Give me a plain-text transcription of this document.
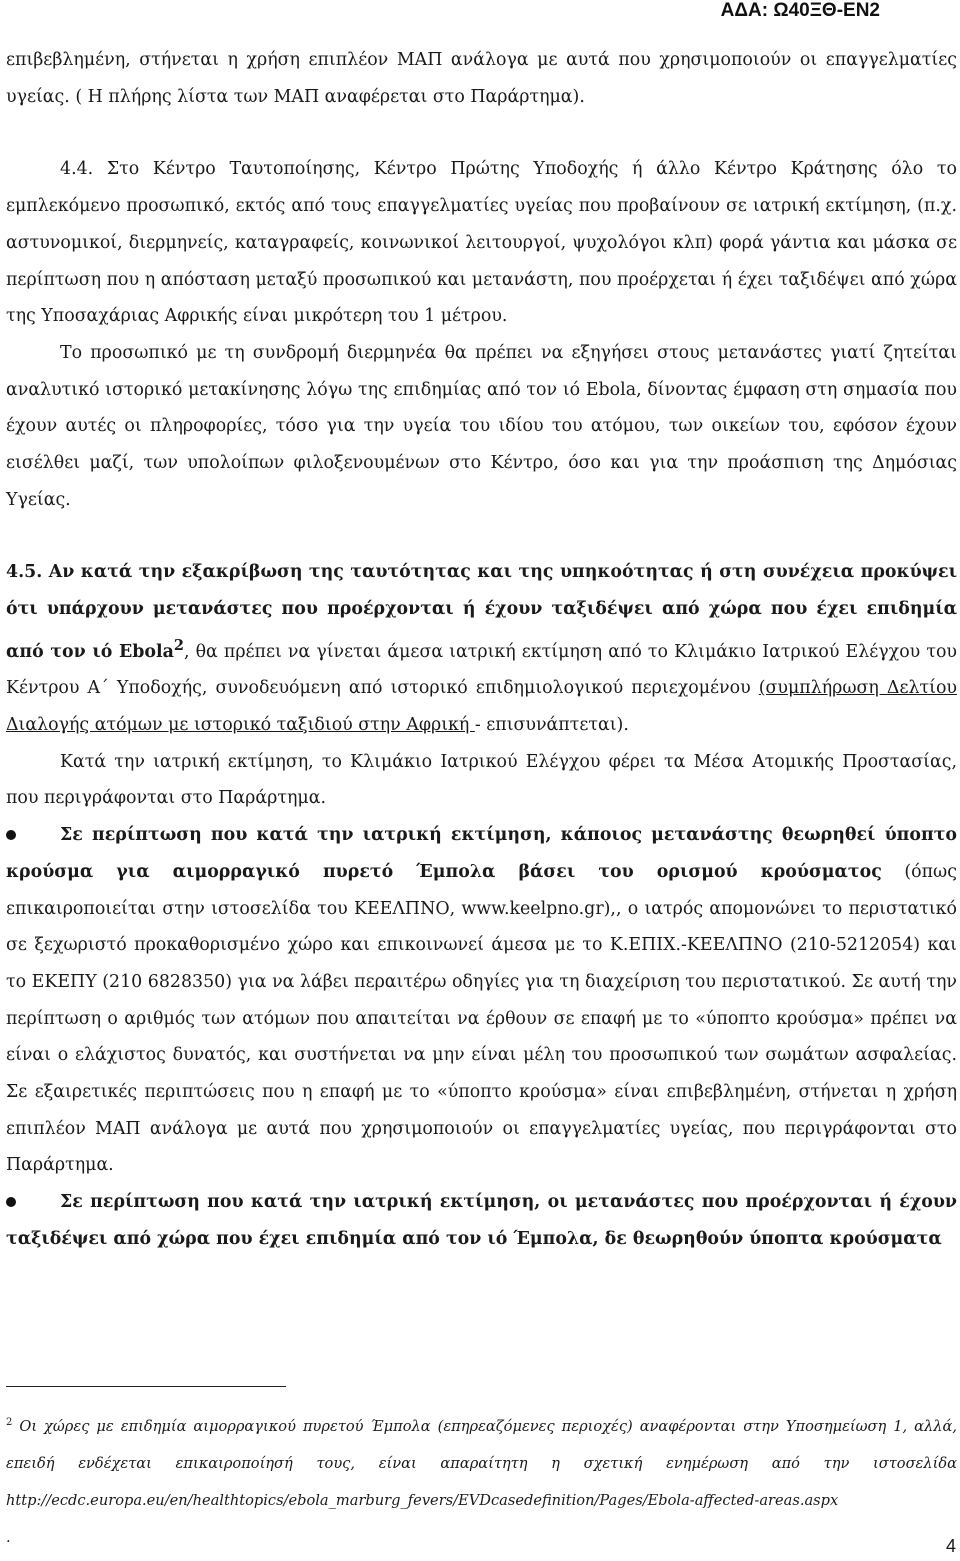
ΑΔΑ: Ω40ΞΘ-ΕΝ2

επιβεβλημένη, στήνεται η χρήση επιπλέον ΜΑΠ ανάλογα με αυτά που χρησιμοποιούν οι επαγγελματίες υγείας. ( Η πλήρης λίστα των ΜΑΠ αναφέρεται στο Παράρτημα).

4.4. Στο Κέντρο Ταυτοποίησης, Κέντρο Πρώτης Υποδοχής ή άλλο Κέντρο Κράτησης όλο το εμπλεκόμενο προσωπικό, εκτός από τους επαγγελματίες υγείας που προβαίνουν σε ιατρική εκτίμηση, (π.χ. αστυνομικοί, διερμηνείς, καταγραφείς, κοινωνικοί λειτουργοί, ψυχολόγοι κλπ) φορά γάντια και μάσκα σε περίπτωση που η απόσταση μεταξύ προσωπικού και μετανάστη, που προέρχεται ή έχει ταξιδέψει από χώρα της Υποσαχάριας Αφρικής είναι μικρότερη του 1 μέτρου.

Το προσωπικό με τη συνδρομή διερμηνέα θα πρέπει να εξηγήσει στους μετανάστες γιατί ζητείται αναλυτικό ιστορικό μετακίνησης λόγω της επιδημίας από τον ιό Ebola, δίνοντας έμφαση στη σημασία που έχουν αυτές οι πληροφορίες, τόσο για την υγεία του ιδίου του ατόμου, των οικείων του, εφόσον έχουν εισέλθει μαζί, των υπολοίπων φιλοξενουμένων στο Κέντρο, όσο και για την προάσπιση της Δημόσιας Υγείας.

4.5. Αν κατά την εξακρίβωση της ταυτότητας και της υπηκοότητας ή στη συνέχεια προκύψει ότι υπάρχουν μετανάστες που προέρχονται ή έχουν ταξιδέψει από χώρα που έχει επιδημία από τον ιό Ebola$^2$, θα πρέπει να γίνεται άμεσα ιατρική εκτίμηση από το Κλιμάκιο Ιατρικού Ελέγχου του Κέντρου Α΄ Υποδοχής, συνοδευόμενη από ιστορικό επιδημιολογικού περιεχομένου (συμπλήρωση Δελτίου Διαλογής ατόμων με ιστορικό ταξιδιού στην Αφρική - επισυνάπτεται).

Κατά την ιατρική εκτίμηση, το Κλιμάκιο Ιατρικού Ελέγχου φέρει τα Μέσα Ατομικής Προστασίας, που περιγράφονται στο Παράρτημα.

Σε περίπτωση που κατά την ιατρική εκτίμηση, κάποιος μετανάστης θεωρηθεί ύποπτο κρούσμα για αιμορραγικό πυρετό Έμπολα βάσει του ορισμού κρούσματος (όπως επικαιροποιείται στην ιστοσελίδα του ΚΕΕΛΠΝΟ, www.keelpno.gr),, ο ιατρός απομονώνει το περιστατικό σε ξεχωριστό προκαθορισμένο χώρο και επικοινωνεί άμεσα με το Κ.ΕΠΙΧ.-ΚΕΕΛΠΝΟ (210-5212054) και το ΕΚΕΠΥ (210 6828350) για να λάβει περαιτέρω οδηγίες για τη διαχείριση του περιστατικού. Σε αυτή την περίπτωση ο αριθμός των ατόμων που απαιτείται να έρθουν σε επαφή με το «ύποπτο κρούσμα» πρέπει να είναι ο ελάχιστος δυνατός, και συστήνεται να μην είναι μέλη του προσωπικού των σωμάτων ασφαλείας. Σε εξαιρετικές περιπτώσεις που η επαφή με το «ύποπτο κρούσμα» είναι επιβεβλημένη, στήνεται η χρήση επιπλέον ΜΑΠ ανάλογα με αυτά που χρησιμοποιούν οι επαγγελματίες υγείας, που περιγράφονται στο Παράρτημα.

Σε περίπτωση που κατά την ιατρική εκτίμηση, οι μετανάστες που προέρχονται ή έχουν ταξιδέψει από χώρα που έχει επιδημία από τον ιό Έμπολα, δε θεωρηθούν ύποπτα κρούσματα

$^2$ Οι χώρες με επιδημία αιμορραγικού πυρετού Έμπολα (επηρεαζόμενες περιοχές) αναφέρονται στην Υποσημείωση 1, αλλά, επειδή ενδέχεται επικαιροποίησή τους, είναι απαραίτητη η σχετική ενημέρωση από την ιστοσελίδα http://ecdc.europa.eu/en/healthtopics/ebola_marburg_fevers/EVDcasedefinition/Pages/Ebola-affected-areas.aspx

.	4
